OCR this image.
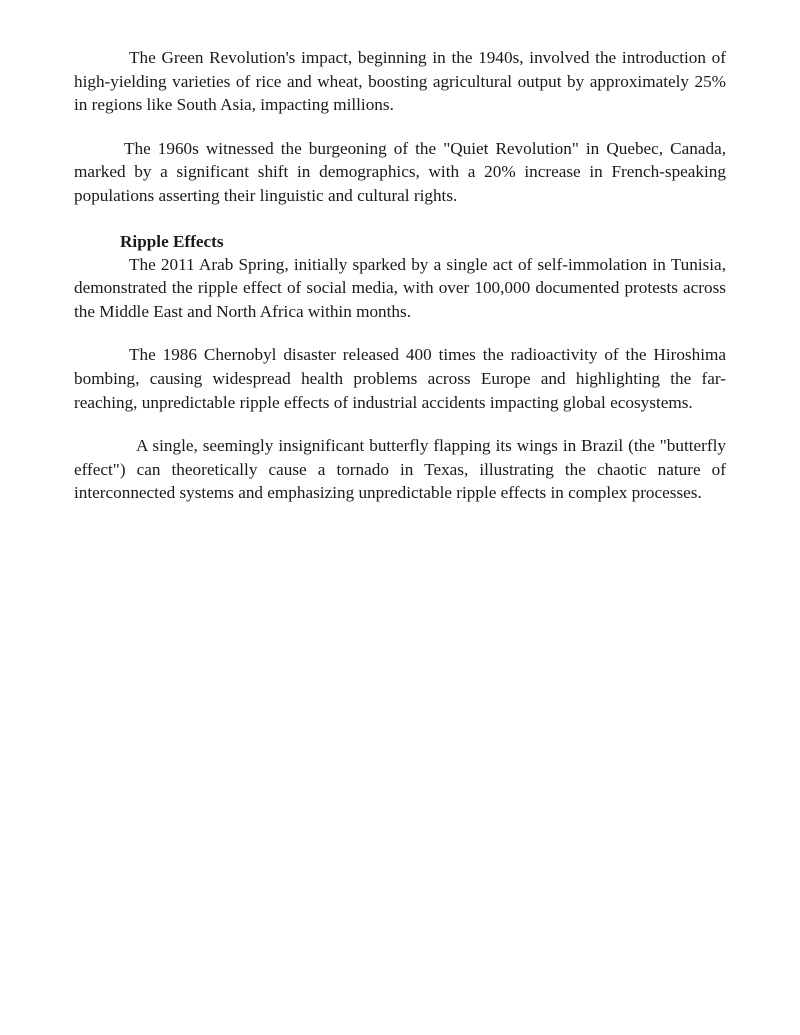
The Green Revolution's impact, beginning in the 1940s, involved the introduction of high-yielding varieties of rice and wheat, boosting agricultural output by approximately 25% in regions like South Asia, impacting millions.

The 1960s witnessed the burgeoning of the "Quiet Revolution" in Quebec, Canada, marked by a significant shift in demographics, with a 20% increase in French-speaking populations asserting their linguistic and cultural rights.

Ripple Effects

The 2011 Arab Spring, initially sparked by a single act of self-immolation in Tunisia, demonstrated the ripple effect of social media, with over 100,000 documented protests across the Middle East and North Africa within months.

The 1986 Chernobyl disaster released 400 times the radioactivity of the Hiroshima bombing, causing widespread health problems across Europe and highlighting the far-reaching, unpredictable ripple effects of industrial accidents impacting global ecosystems.

A single, seemingly insignificant butterfly flapping its wings in Brazil (the "butterfly effect") can theoretically cause a tornado in Texas, illustrating the chaotic nature of interconnected systems and emphasizing unpredictable ripple effects in complex processes.
